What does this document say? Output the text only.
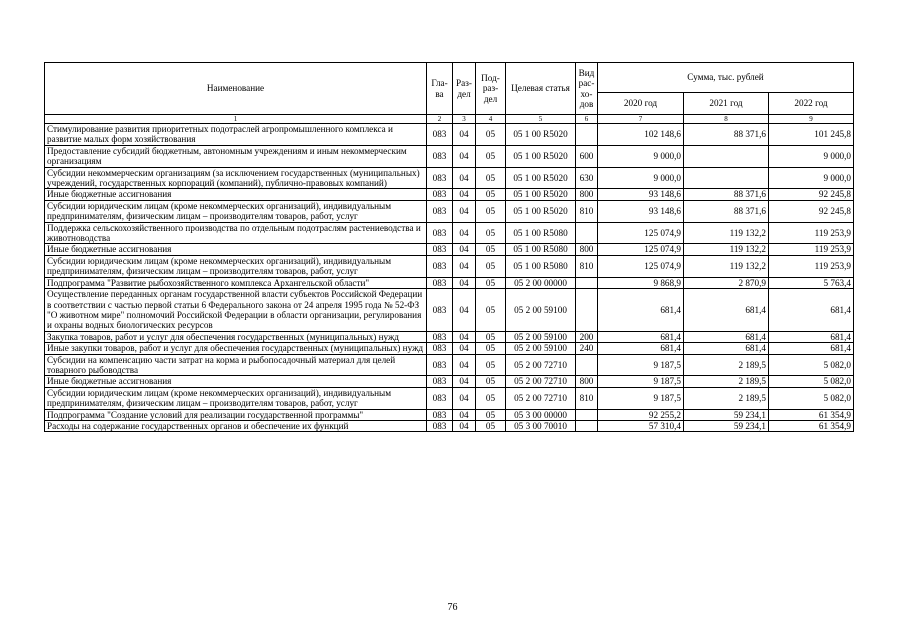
Наименование	Гла-ва	Раз-дел	Под-раз-дел	Целевая статья	Вид рас-хо-дов	Сумма, тыс. рублей		
						2020 год	2021 год	2022 год
1	2	3	4	5	6	7	8	9
Стимулирование развития приоритетных подотраслей агропромышленного комплекса и развитие малых форм хозяйствования	083	04	05	05 1 00 R5020		102 148,6	88 371,6	101 245,8
Предоставление субсидий бюджетным, автономным учреждениям и иным некоммерческим организациям	083	04	05	05 1 00 R5020	600	9 000,0		9 000,0
Субсидии некоммерческим организациям (за исключением государственных (муниципальных) учреждений, государственных корпораций (компаний), публично-правовых компаний)	083	04	05	05 1 00 R5020	630	9 000,0		9 000,0
Иные бюджетные ассигнования	083	04	05	05 1 00 R5020	800	93 148,6	88 371,6	92 245,8
Субсидии юридическим лицам (кроме некоммерческих организаций), индивидуальным предпринимателям, физическим лицам – производителям товаров, работ, услуг	083	04	05	05 1 00 R5020	810	93 148,6	88 371,6	92 245,8
Поддержка сельскохозяйственного производства по отдельным подотраслям растениеводства и животноводства	083	04	05	05 1 00 R5080		125 074,9	119 132,2	119 253,9
Иные бюджетные ассигнования	083	04	05	05 1 00 R5080	800	125 074,9	119 132,2	119 253,9
Субсидии юридическим лицам (кроме некоммерческих организаций), индивидуальным предпринимателям, физическим лицам – производителям товаров, работ, услуг	083	04	05	05 1 00 R5080	810	125 074,9	119 132,2	119 253,9
Подпрограмма "Развитие рыбохозяйственного комплекса Архангельской области"	083	04	05	05 2 00 00000		9 868,9	2 870,9	5 763,4
Осуществление переданных органам государственной власти субъектов Российской Федерации в соответствии с частью первой статьи 6 Федерального закона от 24 апреля 1995 года № 52-ФЗ "О животном мире" полномочий Российской Федерации в области организации, регулирования и охраны водных биологических ресурсов	083	04	05	05 2 00 59100		681,4	681,4	681,4
Закупка товаров, работ и услуг для обеспечения государственных (муниципальных) нужд	083	04	05	05 2 00 59100	200	681,4	681,4	681,4
Иные закупки товаров, работ и услуг для обеспечения государственных (муниципальных) нужд	083	04	05	05 2 00 59100	240	681,4	681,4	681,4
Субсидии на компенсацию части затрат на корма и рыбопосадочный материал для целей товарного рыбоводства	083	04	05	05 2 00 72710		9 187,5	2 189,5	5 082,0
Иные бюджетные ассигнования	083	04	05	05 2 00 72710	800	9 187,5	2 189,5	5 082,0
Субсидии юридическим лицам (кроме некоммерческих организаций), индивидуальным предпринимателям, физическим лицам – производителям товаров, работ, услуг	083	04	05	05 2 00 72710	810	9 187,5	2 189,5	5 082,0
Подпрограмма "Создание условий для реализации государственной программы"	083	04	05	05 3 00 00000		92 255,2	59 234,1	61 354,9
Расходы на содержание государственных органов и обеспечение их функций	083	04	05	05 3 00 70010		57 310,4	59 234,1	61 354,9
76
